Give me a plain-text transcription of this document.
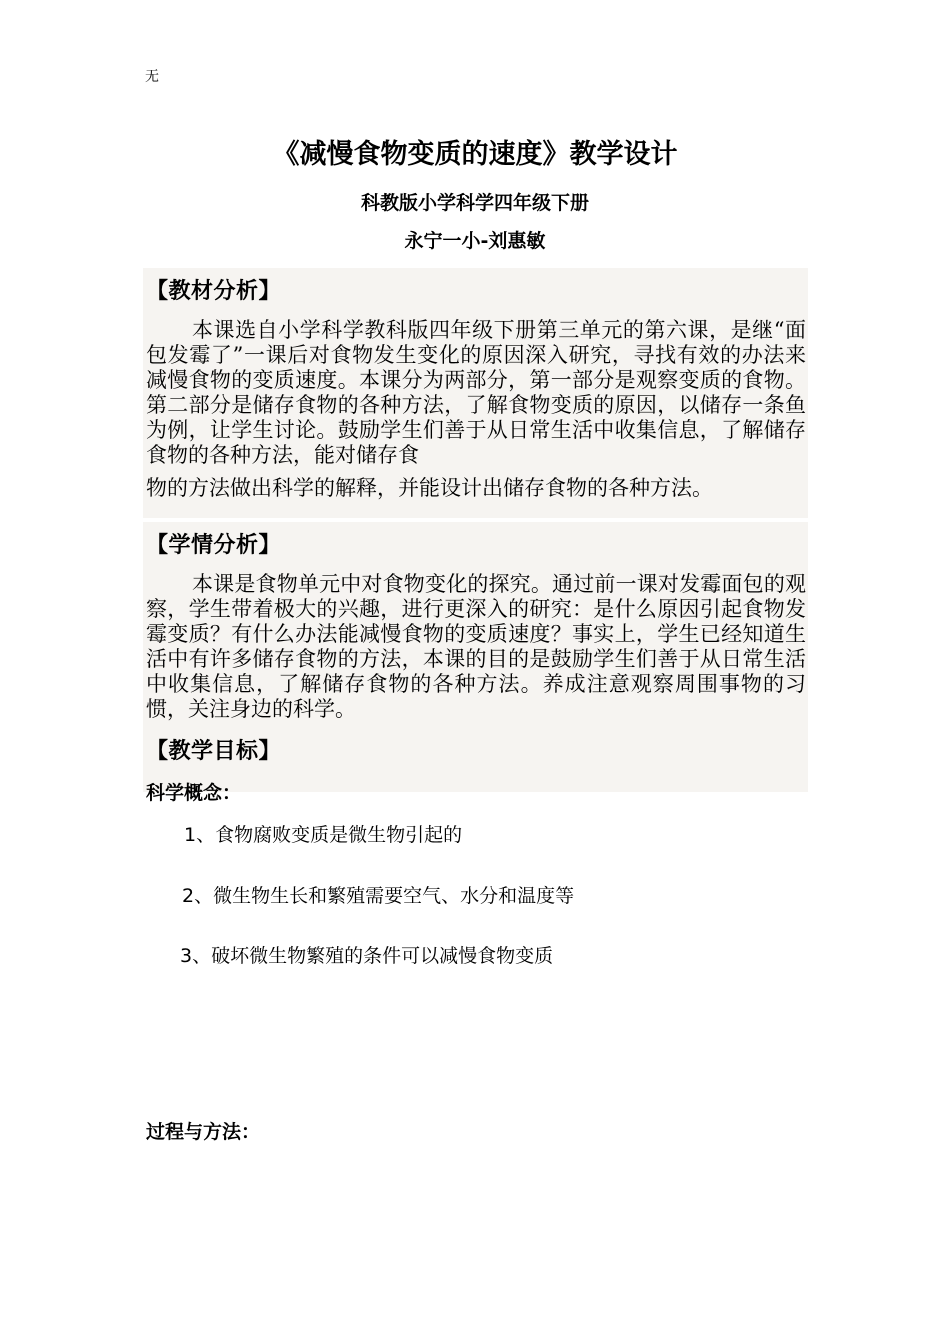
无
《减慢食物变质的速度》教学设计
科教版小学科学四年级下册
永宁一小-刘惠敏
【教材分析】

本课选自小学科学教科版四年级下册第三单元的第六课，是继“面包发霉了”一课后对食物发生变化的原因深入研究，寻找有效的办法来减慢食物的变质速度。本课分为两部分，第一部分是观察变质的食物。第二部分是储存食物的各种方法，了解食物变质的原因，以储存一条鱼为例，让学生讨论。鼓励学生们善于从日常生活中收集信息，了解储存食物的各种方法，能对储存食
物的方法做出科学的解释，并能设计出储存食物的各种方法。

【学情分析】

本课是食物单元中对食物变化的探究。通过前一课对发霉面包的观察，学生带着极大的兴趣，进行更深入的研究：是什么原因引起食物发霉变质？有什么办法能减慢食物的变质速度？事实上，学生已经知道生活中有许多储存食物的方法，本课的目的是鼓励学生们善于从日常生活中收集信息，了解储存食物的各种方法。养成注意观察周围事物的习惯，关注身边的科学。

【教学目标】
科学概念：
1、食物腐败变质是微生物引起的
2、微生物生长和繁殖需要空气、水分和温度等
3、破坏微生物繁殖的条件可以减慢食物变质
过程与方法：
